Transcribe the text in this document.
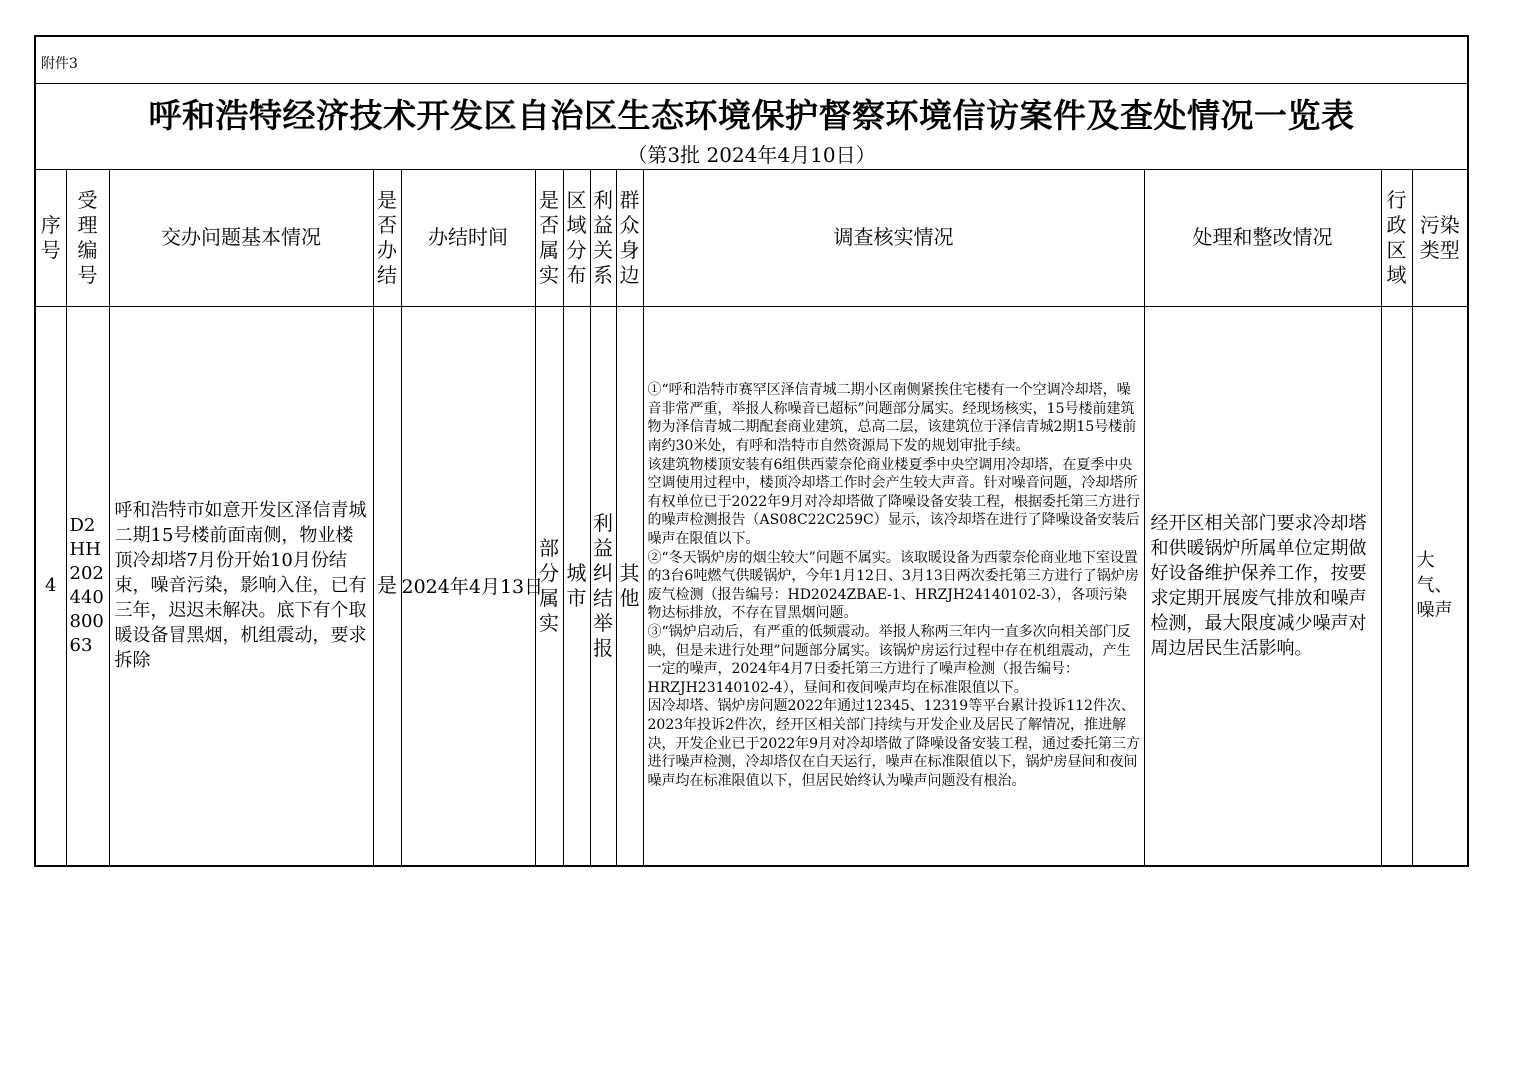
附件3
呼和浩特经济技术开发区自治区生态环境保护督察环境信访案件及查处情况一览表
（第3批 2024年4月10日）
序号	受理编号	交办问题基本情况	是否办结	办结时间	是否属实	区域分布	利益关系	群众身边	调查核实情况	处理和整改情况	行政区域	污染类型
4	D2HH20244080063	呼和浩特市如意开发区泽信青城二期15号楼前面南侧，物业楼顶冷却塔7月份开始10月份结束，噪音污染，影响入住，已有三年，迟迟未解决。底下有个取暖设备冒黑烟，机组震动，要求拆除	是	2024年4月13日	部分属实	城市	利益纠结举报	其他	①“呼和浩特市赛罕区泽信青城二期小区南侧紧挨住宅楼有一个空调冷却塔，噪音非常严重，举报人称噪音已超标”问题部分属实。经现场核实，15号楼前建筑物为泽信青城二期配套商业建筑，总高二层，该建筑位于泽信青城2期15号楼前南约30米处，有呼和浩特市自然资源局下发的规划审批手续。

该建筑物楼顶安装有6组供西蒙奈伦商业楼夏季中央空调用冷却塔，在夏季中央空调使用过程中，楼顶冷却塔工作时会产生较大声音。针对噪音问题，冷却塔所有权单位已于2022年9月对冷却塔做了降噪设备安装工程，根据委托第三方进行的噪声检测报告（AS08C22C259C）显示，该冷却塔在进行了降噪设备安装后噪声在限值以下。

②“冬天锅炉房的烟尘较大”问题不属实。该取暖设备为西蒙奈伦商业地下室设置的3台6吨燃气供暖锅炉，今年1月12日、3月13日两次委托第三方进行了锅炉房废气检测（报告编号：HD2024ZBAE-1、HRZJH24140102-3），各项污染物达标排放，不存在冒黑烟问题。

③“锅炉启动后，有严重的低频震动。举报人称两三年内一直多次向相关部门反映，但是未进行处理”问题部分属实。该锅炉房运行过程中存在机组震动，产生一定的噪声，2024年4月7日委托第三方进行了噪声检测（报告编号：HRZJH23140102-4），昼间和夜间噪声均在标准限值以下。

因冷却塔、锅炉房问题2022年通过12345、12319等平台累计投诉112件次、2023年投诉2件次，经开区相关部门持续与开发企业及居民了解情况，推进解决，开发企业已于2022年9月对冷却塔做了降噪设备安装工程，通过委托第三方进行噪声检测，冷却塔仅在白天运行，噪声在标准限值以下，锅炉房昼间和夜间噪声均在标准限值以下，但居民始终认为噪声问题没有根治。	经开区相关部门要求冷却塔和供暖锅炉所属单位定期做好设备维护保养工作，按要求定期开展废气排放和噪声检测，最大限度减少噪声对周边居民生活影响。		大气、噪声
